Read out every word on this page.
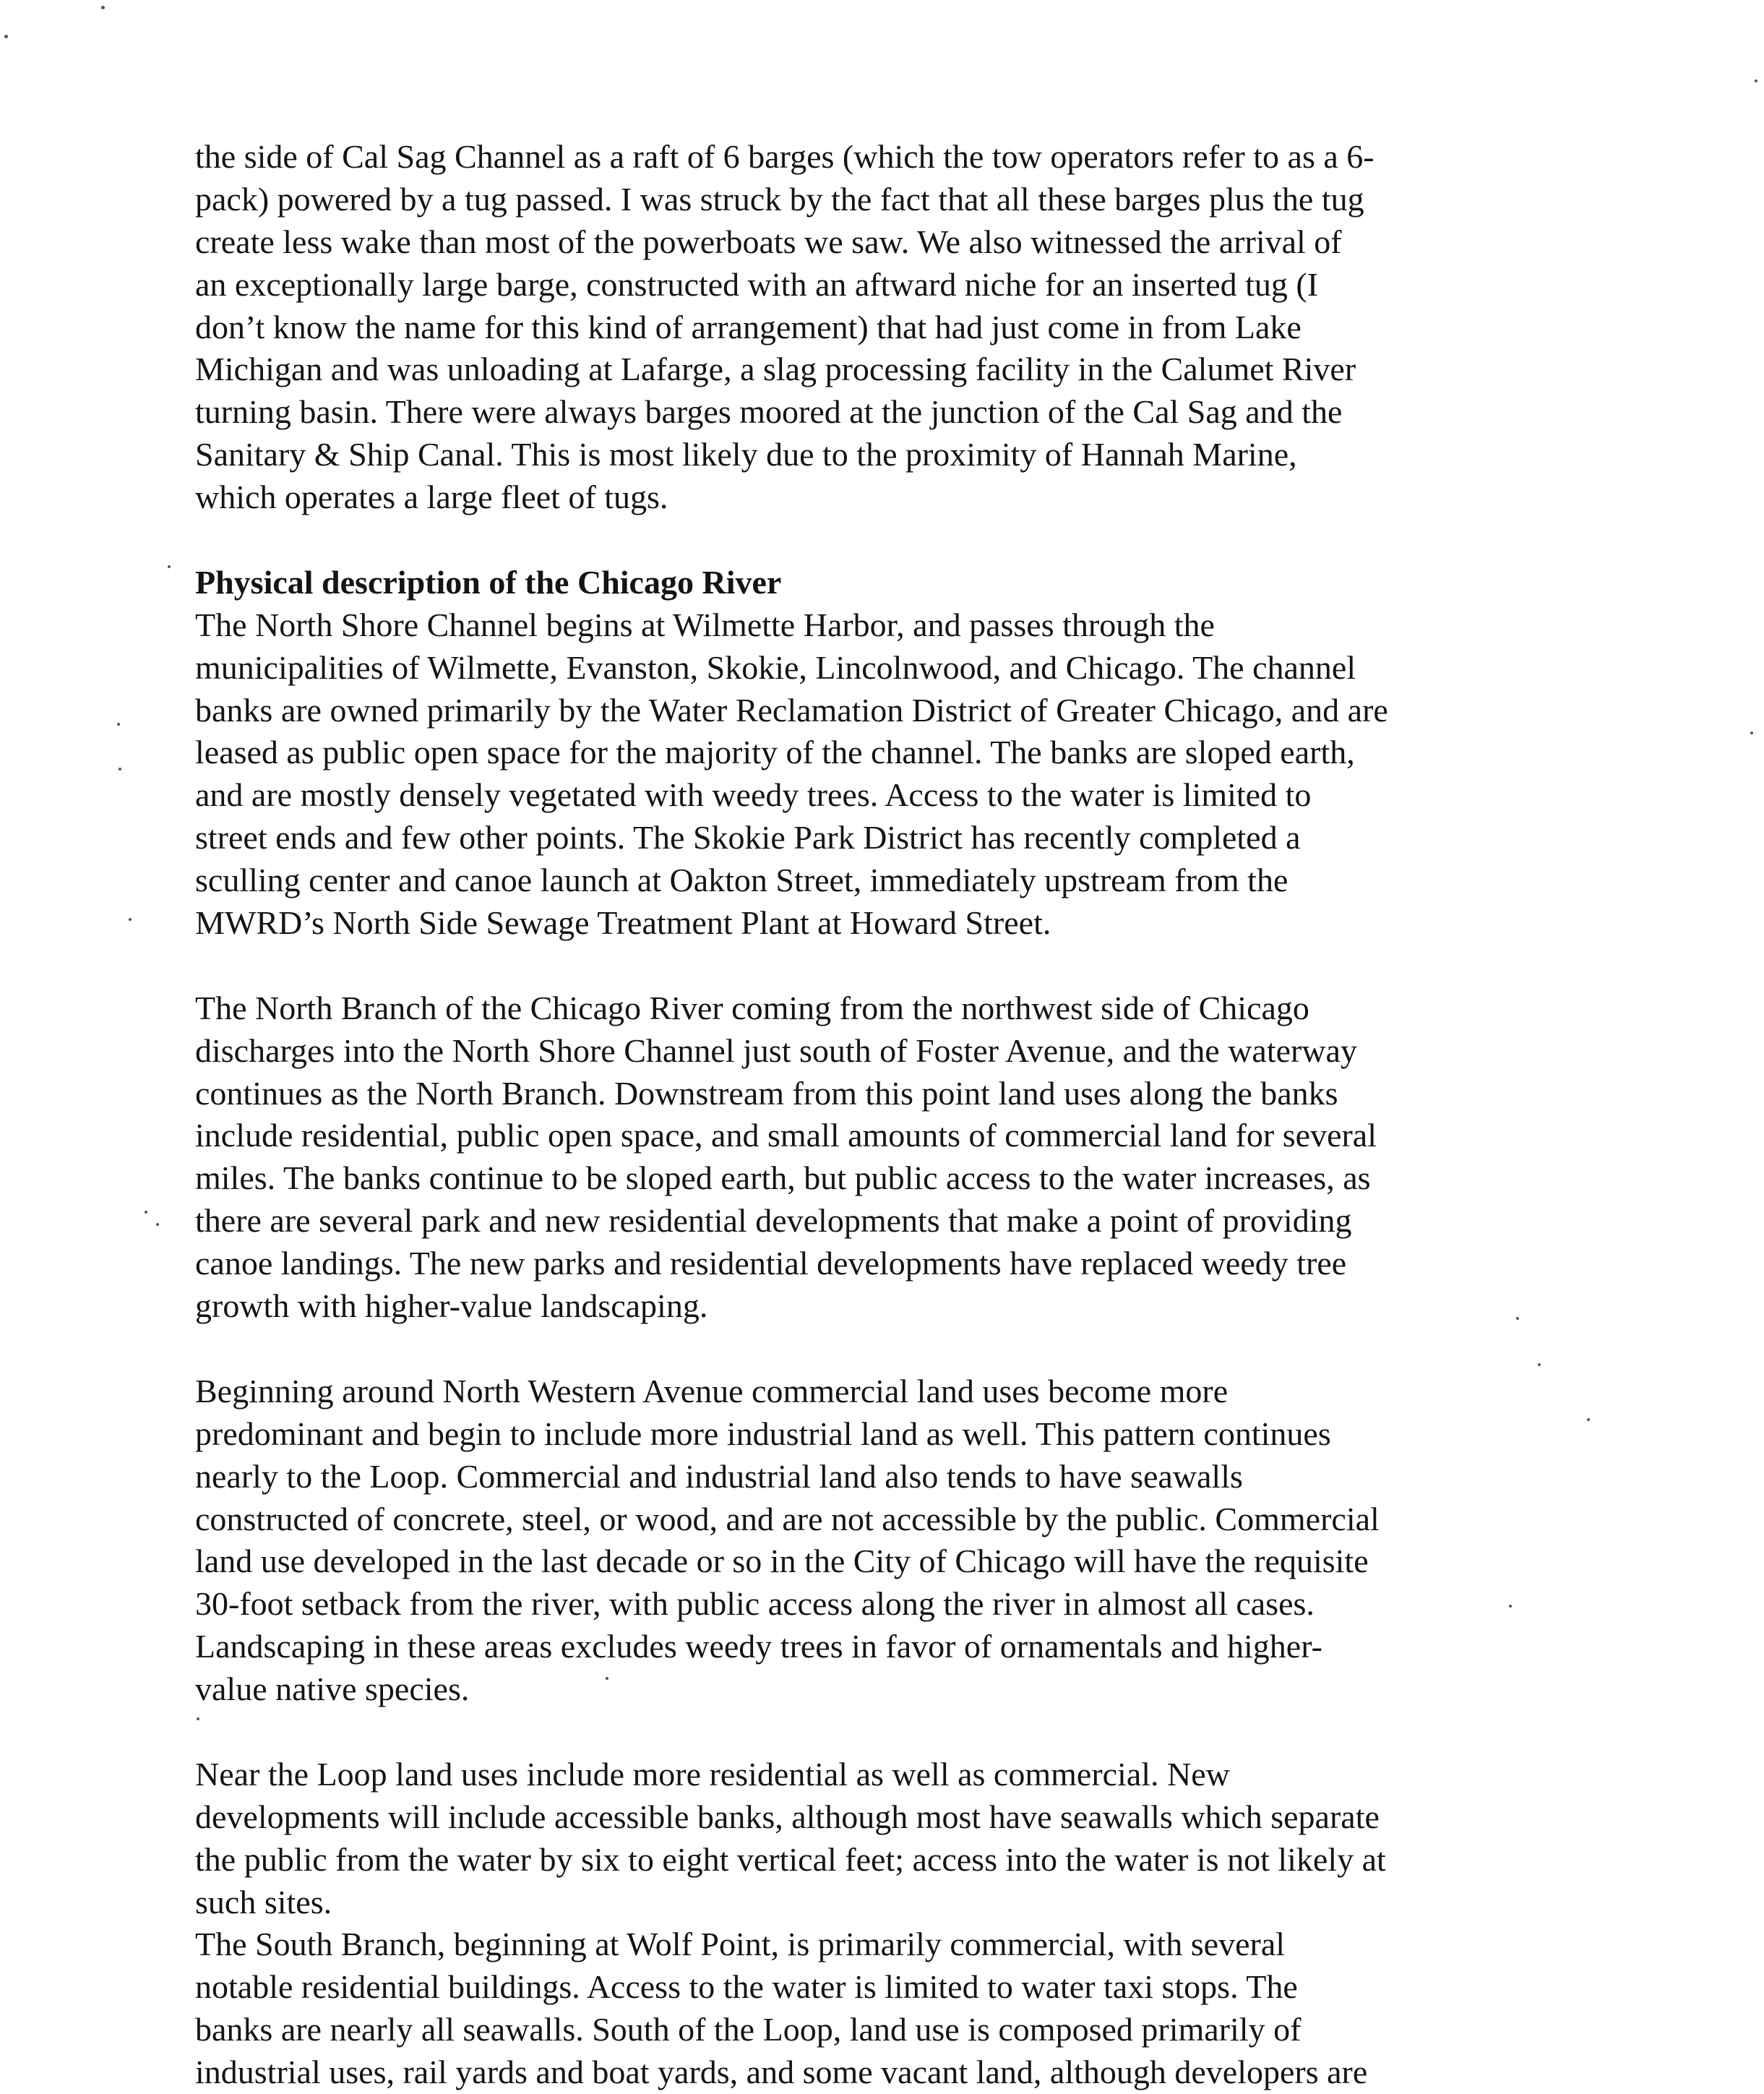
the side of Cal Sag Channel as a raft of 6 barges (which the tow operators refer to as a 6-
pack) powered by a tug passed. I was struck by the fact that all these barges plus the tug
create less wake than most of the powerboats we saw. We also witnessed the arrival of
an exceptionally large barge, constructed with an aftward niche for an inserted tug (I
don’t know the name for this kind of arrangement) that had just come in from Lake
Michigan and was unloading at Lafarge, a slag processing facility in the Calumet River
turning basin. There were always barges moored at the junction of the Cal Sag and the
Sanitary & Ship Canal. This is most likely due to the proximity of Hannah Marine,
which operates a large fleet of tugs.
Physical description of the Chicago River
The North Shore Channel begins at Wilmette Harbor, and passes through the
municipalities of Wilmette, Evanston, Skokie, Lincolnwood, and Chicago. The channel
banks are owned primarily by the Water Reclamation District of Greater Chicago, and are
leased as public open space for the majority of the channel. The banks are sloped earth,
and are mostly densely vegetated with weedy trees. Access to the water is limited to
street ends and few other points. The Skokie Park District has recently completed a
sculling center and canoe launch at Oakton Street, immediately upstream from the
MWRD’s North Side Sewage Treatment Plant at Howard Street.
The North Branch of the Chicago River coming from the northwest side of Chicago
discharges into the North Shore Channel just south of Foster Avenue, and the waterway
continues as the North Branch. Downstream from this point land uses along the banks
include residential, public open space, and small amounts of commercial land for several
miles. The banks continue to be sloped earth, but public access to the water increases, as
there are several park and new residential developments that make a point of providing
canoe landings. The new parks and residential developments have replaced weedy tree
growth with higher-value landscaping.
Beginning around North Western Avenue commercial land uses become more
predominant and begin to include more industrial land as well. This pattern continues
nearly to the Loop. Commercial and industrial land also tends to have seawalls
constructed of concrete, steel, or wood, and are not accessible by the public. Commercial
land use developed in the last decade or so in the City of Chicago will have the requisite
30-foot setback from the river, with public access along the river in almost all cases.
Landscaping in these areas excludes weedy trees in favor of ornamentals and higher-
value native species.
Near the Loop land uses include more residential as well as commercial. New
developments will include accessible banks, although most have seawalls which separate
the public from the water by six to eight vertical feet; access into the water is not likely at
such sites.
The South Branch, beginning at Wolf Point, is primarily commercial, with several
notable residential buildings. Access to the water is limited to water taxi stops. The
banks are nearly all seawalls. South of the Loop, land use is composed primarily of
industrial uses, rail yards and boat yards, and some vacant land, although developers are
